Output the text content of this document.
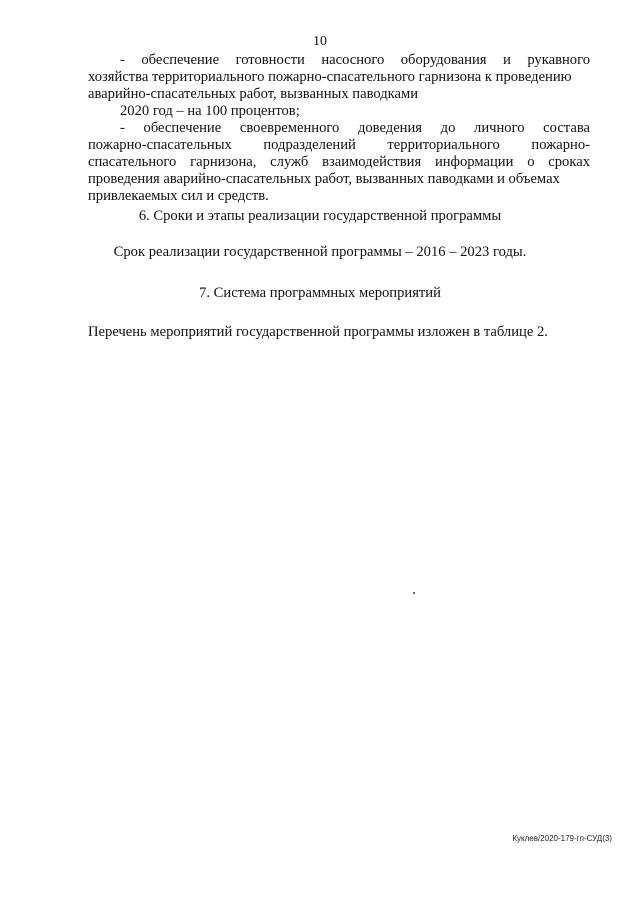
10
- обеспечение готовности насосного оборудования и рукавного
хозяйства территориального пожарно-спасательного гарнизона к проведению
аварийно-спасательных работ, вызванных паводками
2020 год – на 100 процентов;
- обеспечение своевременного доведения до личного состава
пожарно-спасательных подразделений территориального пожарно-
спасательного гарнизона, служб взаимодействия информации о сроках
проведения аварийно-спасательных работ, вызванных паводками и объемах
привлекаемых сил и средств.
6. Сроки и этапы реализации государственной программы
Срок реализации государственной программы – 2016 – 2023 годы.
7. Система программных мероприятий
Перечень мероприятий государственной программы изложен в таблице 2.
Куклев/2020-179-гп-СУД(3)
